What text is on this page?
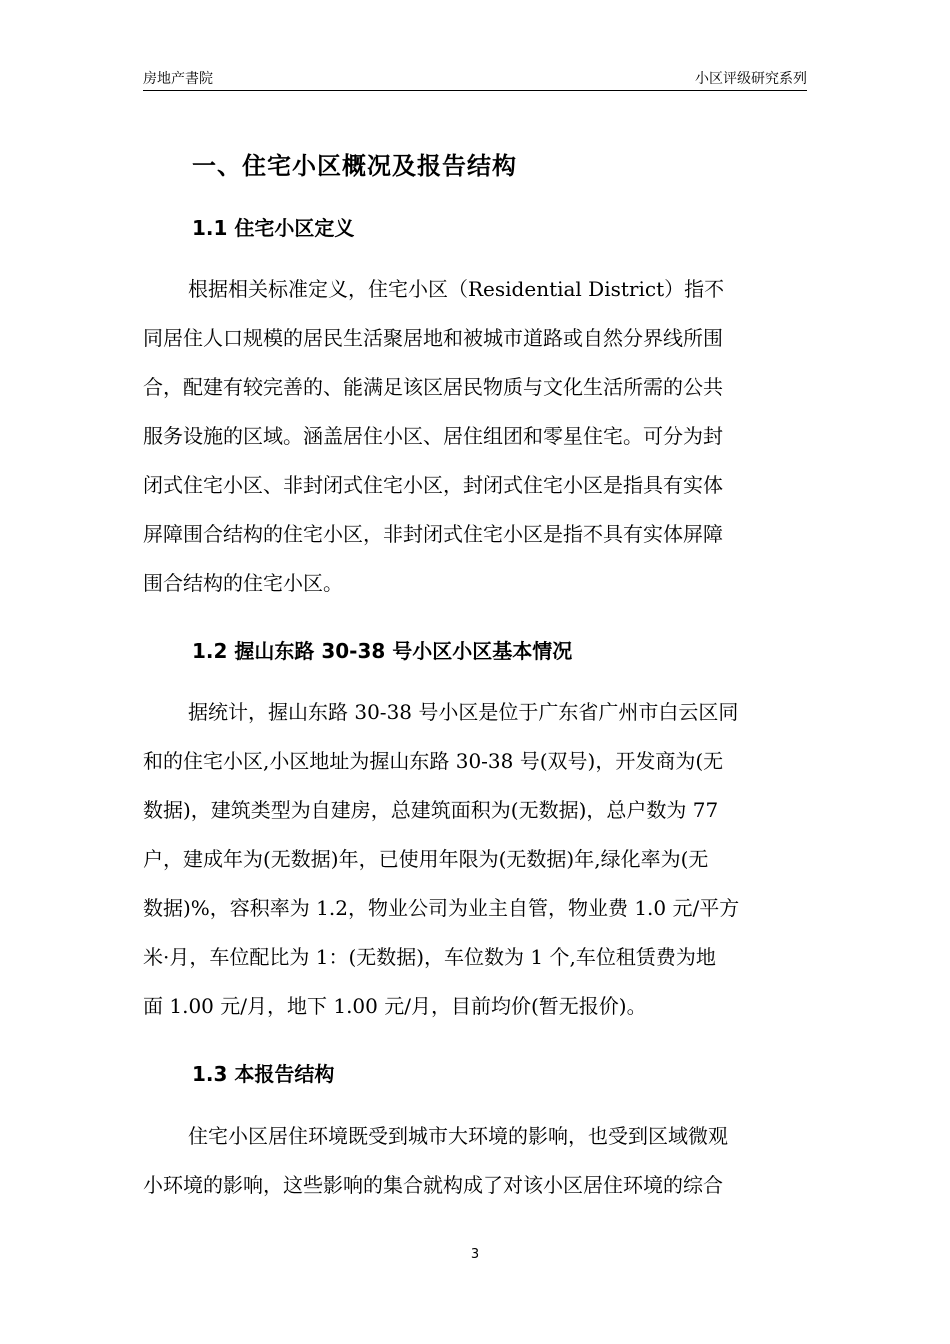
房地产書院	小区评级研究系列
一、住宅小区概况及报告结构
1.1 住宅小区定义
根据相关标准定义，住宅小区（Residential District）指不
同居住人口规模的居民生活聚居地和被城市道路或自然分界线所围
合，配建有较完善的、能满足该区居民物质与文化生活所需的公共
服务设施的区域。涵盖居住小区、居住组团和零星住宅。可分为封
闭式住宅小区、非封闭式住宅小区，封闭式住宅小区是指具有实体
屏障围合结构的住宅小区，非封闭式住宅小区是指不具有实体屏障
围合结构的住宅小区。
1.2 握山东路 30-38 号小区小区基本情况
据统计，握山东路 30-38 号小区是位于广东省广州市白云区同
和的住宅小区,小区地址为握山东路 30-38 号(双号)，开发商为(无
数据)，建筑类型为自建房，总建筑面积为(无数据)，总户数为 77
户，建成年为(无数据)年，已使用年限为(无数据)年,绿化率为(无
数据)%，容积率为 1.2，物业公司为业主自管，物业费 1.0 元/平方
米·月，车位配比为 1：(无数据)，车位数为 1 个,车位租赁费为地
面 1.00 元/月，地下 1.00 元/月，目前均价(暂无报价)。
1.3 本报告结构
住宅小区居住环境既受到城市大环境的影响，也受到区域微观
小环境的影响，这些影响的集合就构成了对该小区居住环境的综合
3
